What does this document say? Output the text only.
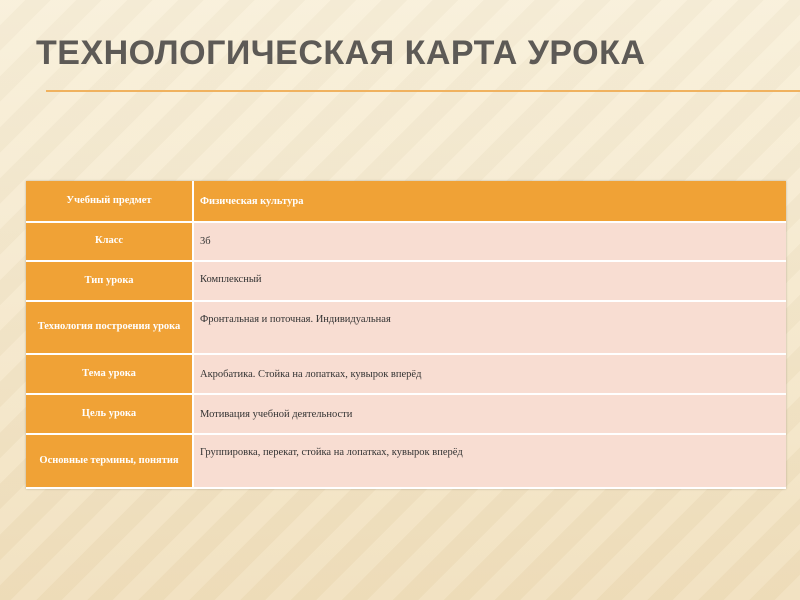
ТЕХНОЛОГИЧЕСКАЯ КАРТА УРОКА
Учебный предмет	Физическая культура
Класс	3б
Тип урока	Комплексный
Технология построения урока	Фронтальная и поточная. Индивидуальная
Тема урока	Акробатика. Стойка на лопатках, кувырок вперёд
Цель урока	Мотивация учебной деятельности
Основные термины, понятия	Группировка, перекат, стойка на лопатках, кувырок вперёд
